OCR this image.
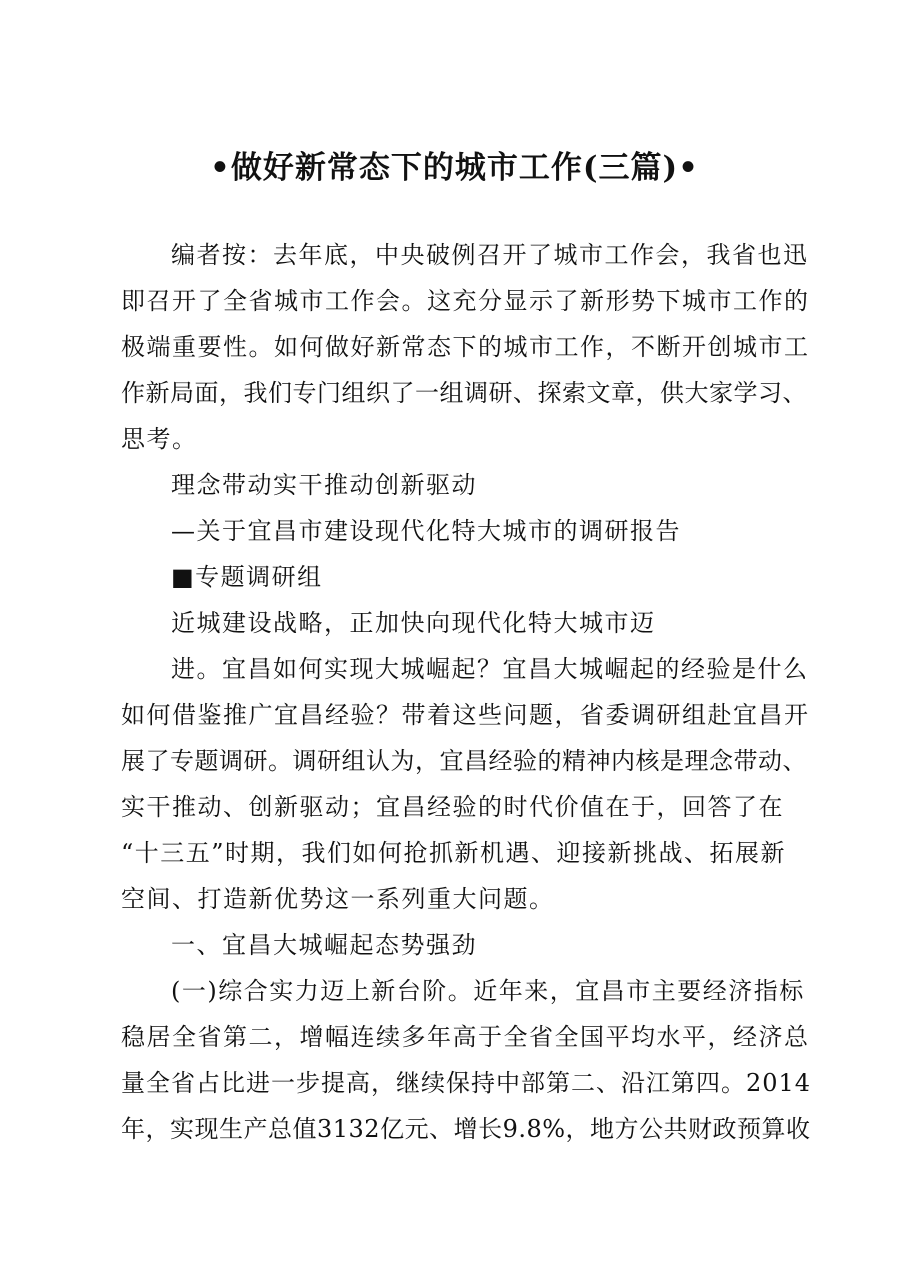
•做好新常态下的城市工作(三篇)•
编者按：去年底，中央破例召开了城市工作会，我省也迅
即召开了全省城市工作会。这充分显示了新形势下城市工作的
极端重要性。如何做好新常态下的城市工作，不断开创城市工
作新局面，我们专门组织了一组调研、探索文章，供大家学习、
思考。
理念带动实干推动创新驱动
—关于宜昌市建设现代化特大城市的调研报告
■专题调研组
近城建设战略，正加快向现代化特大城市迈
进。宜昌如何实现大城崛起？宜昌大城崛起的经验是什么
如何借鉴推广宜昌经验？带着这些问题，省委调研组赴宜昌开
展了专题调研。调研组认为，宜昌经验的精神内核是理念带动、
实干推动、创新驱动；宜昌经验的时代价值在于，回答了在
“十三五”时期，我们如何抢抓新机遇、迎接新挑战、拓展新
空间、打造新优势这一系列重大问题。
一、宜昌大城崛起态势强劲
(一)综合实力迈上新台阶。近年来，宜昌市主要经济指标
稳居全省第二，增幅连续多年高于全省全国平均水平，经济总
量全省占比进一步提高，继续保持中部第二、沿江第四。2014
年，实现生产总值3132亿元、增长9.8%，地方公共财政预算收
